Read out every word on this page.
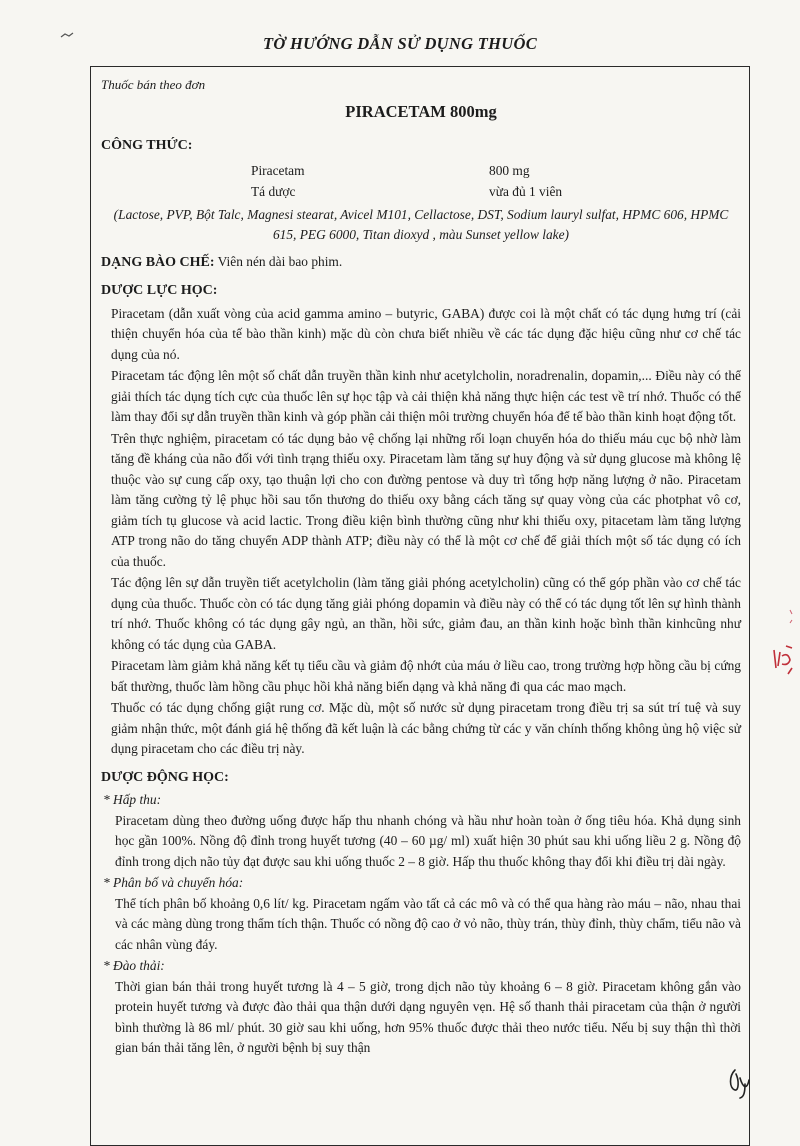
TỜ HƯỚNG DẪN SỬ DỤNG THUỐC

Thuốc bán theo đơn

PIRACETAM 800mg
CÔNG THỨC:
Piracetam	800 mg
Tá dược	vừa đủ 1 viên

(Lactose, PVP, Bột Talc, Magnesi stearat, Avicel M101, Cellactose, DST, Sodium lauryl sulfat, HPMC 606, HPMC 615, PEG 6000, Titan dioxyd , màu Sunset yellow lake)

DẠNG BÀO CHẾ: Viên nén dài bao phim.

DƯỢC LỰC HỌC:

Piracetam (dẫn xuất vòng của acid gamma amino – butyric, GABA) được coi là một chất có tác dụng hưng trí (cải thiện chuyển hóa của tế bào thần kinh) mặc dù còn chưa biết nhiều về các tác dụng đặc hiệu cũng như cơ chế tác dụng của nó.

Piracetam tác động lên một số chất dẫn truyền thần kinh như acetylcholin, noradrenalin, dopamin,... Điều này có thể giải thích tác dụng tích cực của thuốc lên sự học tập và cải thiện khả năng thực hiện các test về trí nhớ. Thuốc có thể làm thay đổi sự dẫn truyền thần kinh và góp phần cải thiện môi trường chuyển hóa để tế bào thần kinh hoạt động tốt.

Trên thực nghiệm, piracetam có tác dụng bảo vệ chống lại những rối loạn chuyển hóa do thiếu máu cục bộ nhờ làm tăng đề kháng của não đối với tình trạng thiếu oxy. Piracetam làm tăng sự huy động và sử dụng glucose mà không lệ thuộc vào sự cung cấp oxy, tạo thuận lợi cho con đường pentose và duy trì tổng hợp năng lượng ở não. Piracetam làm tăng cường tỷ lệ phục hồi sau tổn thương do thiếu oxy bằng cách tăng sự quay vòng của các photphat vô cơ, giảm tích tụ glucose và acid lactic. Trong điều kiện bình thường cũng như khi thiếu oxy, pitacetam làm tăng lượng ATP trong não do tăng chuyển ADP thành ATP; điều này có thể là một cơ chế để giải thích một số tác dụng có ích của thuốc.

Tác động lên sự dẫn truyền tiết acetylcholin (làm tăng giải phóng acetylcholin) cũng có thể góp phần vào cơ chế tác dụng của thuốc. Thuốc còn có tác dụng tăng giải phóng dopamin và điều này có thể có tác dụng tốt lên sự hình thành trí nhớ. Thuốc không có tác dụng gây ngủ, an thần, hồi sức, giảm đau, an thần kinh hoặc bình thần kinhcũng như không có tác dụng của GABA.

Piracetam làm giảm khả năng kết tụ tiểu cầu và giảm độ nhớt của máu ở liều cao, trong trường hợp hồng cầu bị cứng bất thường, thuốc làm hồng cầu phục hồi khả năng biến dạng và khả năng đi qua các mao mạch.

Thuốc có tác dụng chống giật rung cơ. Mặc dù, một số nước sử dụng piracetam trong điều trị sa sút trí tuệ và suy giảm nhận thức, một đánh giá hệ thống đã kết luận là các bằng chứng từ các y văn chính thống không ủng hộ việc sử dụng piracetam cho các điều trị này.

DƯỢC ĐỘNG HỌC:

* Hấp thu:

Piracetam dùng theo đường uống được hấp thu nhanh chóng và hầu như hoàn toàn ở ống tiêu hóa. Khả dụng sinh học gần 100%. Nồng độ đỉnh trong huyết tương (40 – 60 µg/ ml) xuất hiện 30 phút sau khi uống liều 2 g. Nồng độ đỉnh trong dịch não tủy đạt được sau khi uống thuốc 2 – 8 giờ. Hấp thu thuốc không thay đổi khi điều trị dài ngày.

* Phân bố và chuyển hóa:

Thể tích phân bố khoảng 0,6 lít/ kg. Piracetam ngấm vào tất cả các mô và có thể qua hàng rào máu – não, nhau thai và các màng dùng trong thẩm tích thận. Thuốc có nồng độ cao ở vỏ não, thùy trán, thùy đỉnh, thùy chẩm, tiểu não và các nhân vùng đáy.

* Đào thải:

Thời gian bán thải trong huyết tương là 4 – 5 giờ, trong dịch não tủy khoảng 6 – 8 giờ. Piracetam không gắn vào protein huyết tương và được đào thải qua thận dưới dạng nguyên vẹn. Hệ số thanh thải piracetam của thận ở người bình thường là 86 ml/ phút. 30 giờ sau khi uống, hơn 95% thuốc được thải theo nước tiểu. Nếu bị suy thận thì thời gian bán thải tăng lên, ở người bệnh bị suy thận
